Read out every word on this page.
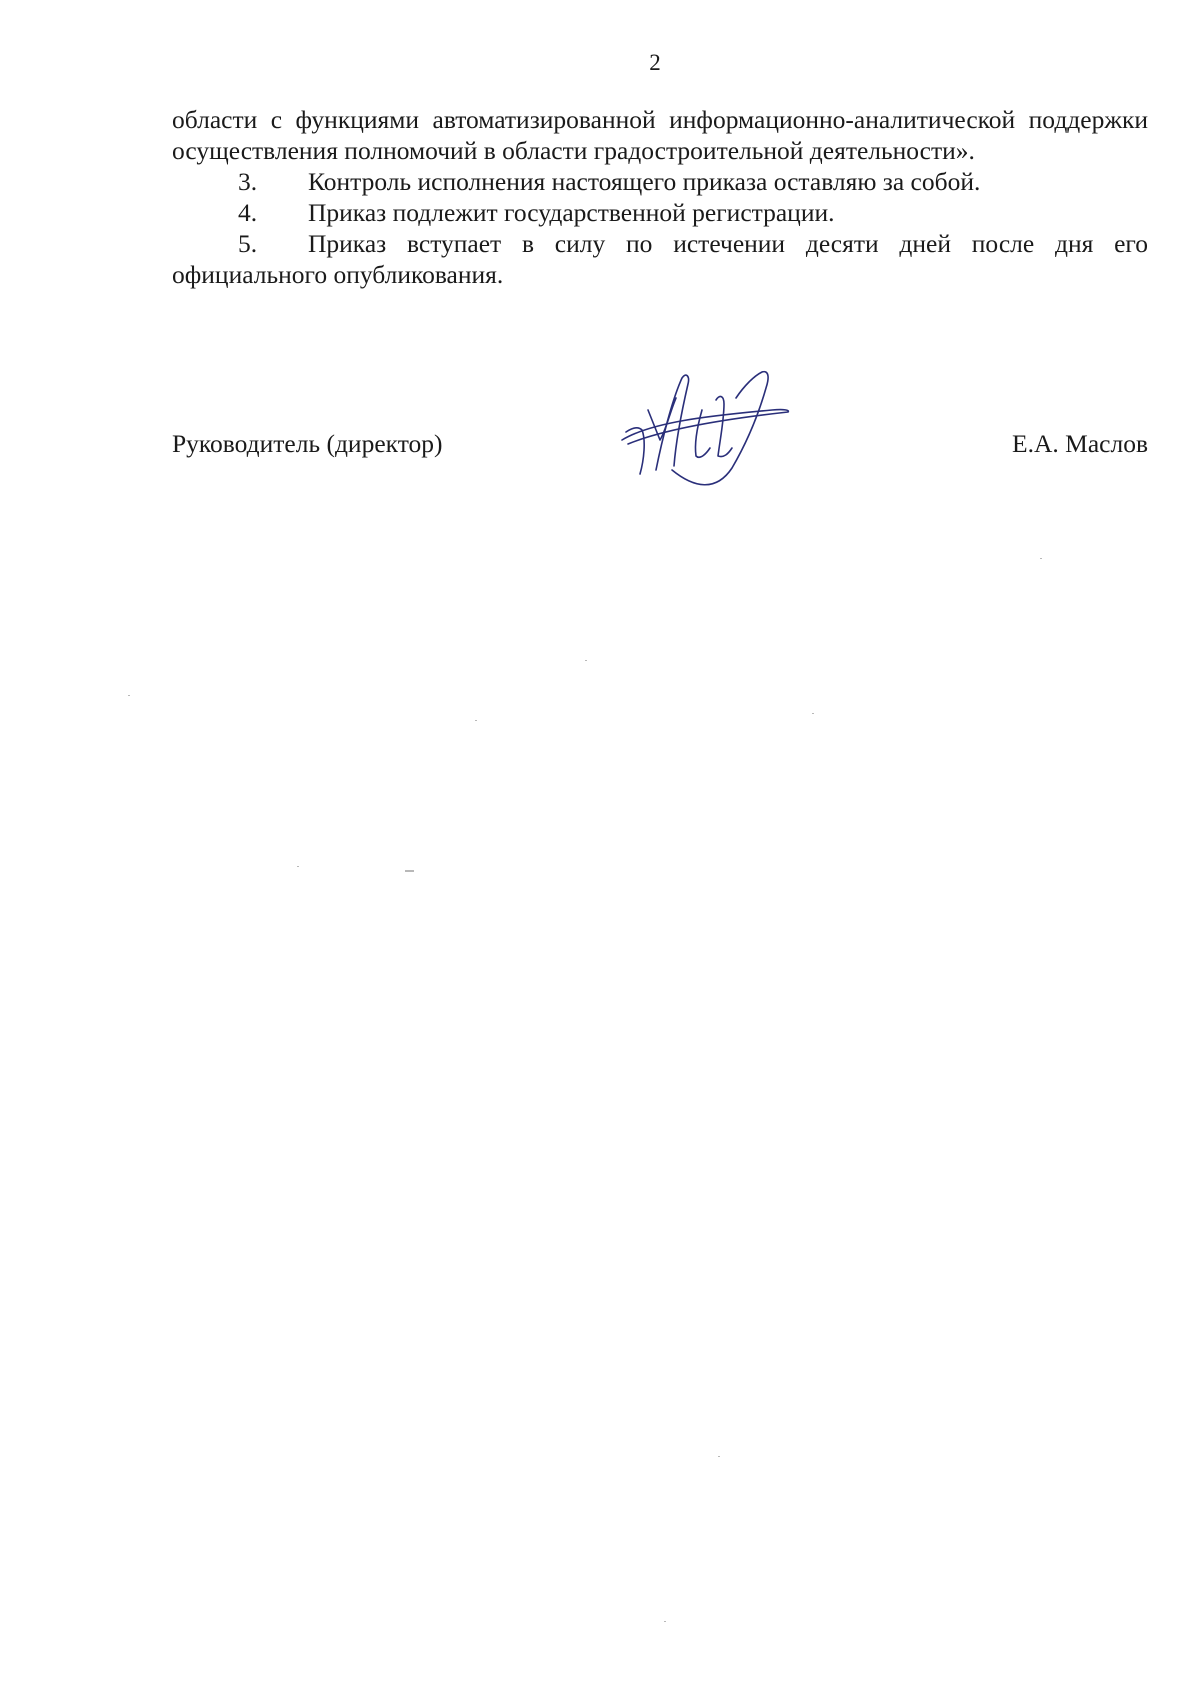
2

области с функциями автоматизированной информационно-аналитической поддержки осуществления полномочий в области градостроительной деятельности».

3. Контроль исполнения настоящего приказа оставляю за собой.

4. Приказ подлежит государственной регистрации.

5. Приказ вступает в силу по истечении десяти дней после дня его официального опубликования.

Руководитель (директор)	Е.А. Маслов
